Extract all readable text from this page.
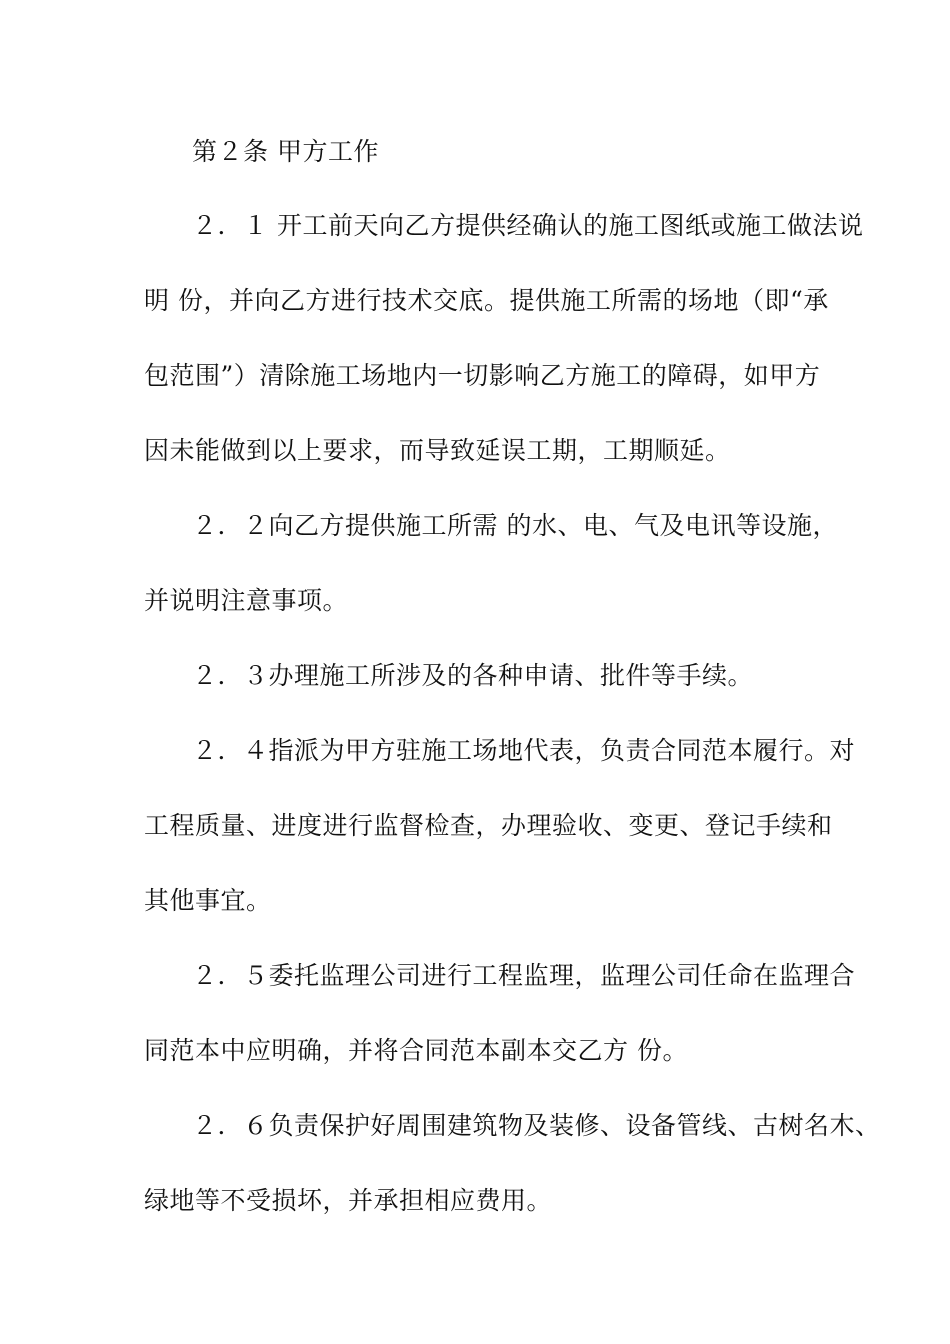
第２条 甲方工作
２．１ 开工前天向乙方提供经确认的施工图纸或施工做法说
明 份，并向乙方进行技术交底。提供施工所需的场地（即“承
包范围”）清除施工场地内一切影响乙方施工的障碍，如甲方
因未能做到以上要求，而导致延误工期，工期顺延。
２．２向乙方提供施工所需 的水、电、气及电讯等设施，
并说明注意事项。
２．３办理施工所涉及的各种申请、批件等手续。
２．４指派为甲方驻施工场地代表，负责合同范本履行。对
工程质量、进度进行监督检查，办理验收、变更、登记手续和
其他事宜。
２．５委托监理公司进行工程监理，监理公司任命在监理合
同范本中应明确，并将合同范本副本交乙方 份。
２．６负责保护好周围建筑物及装修、设备管线、古树名木、
绿地等不受损坏，并承担相应费用。
